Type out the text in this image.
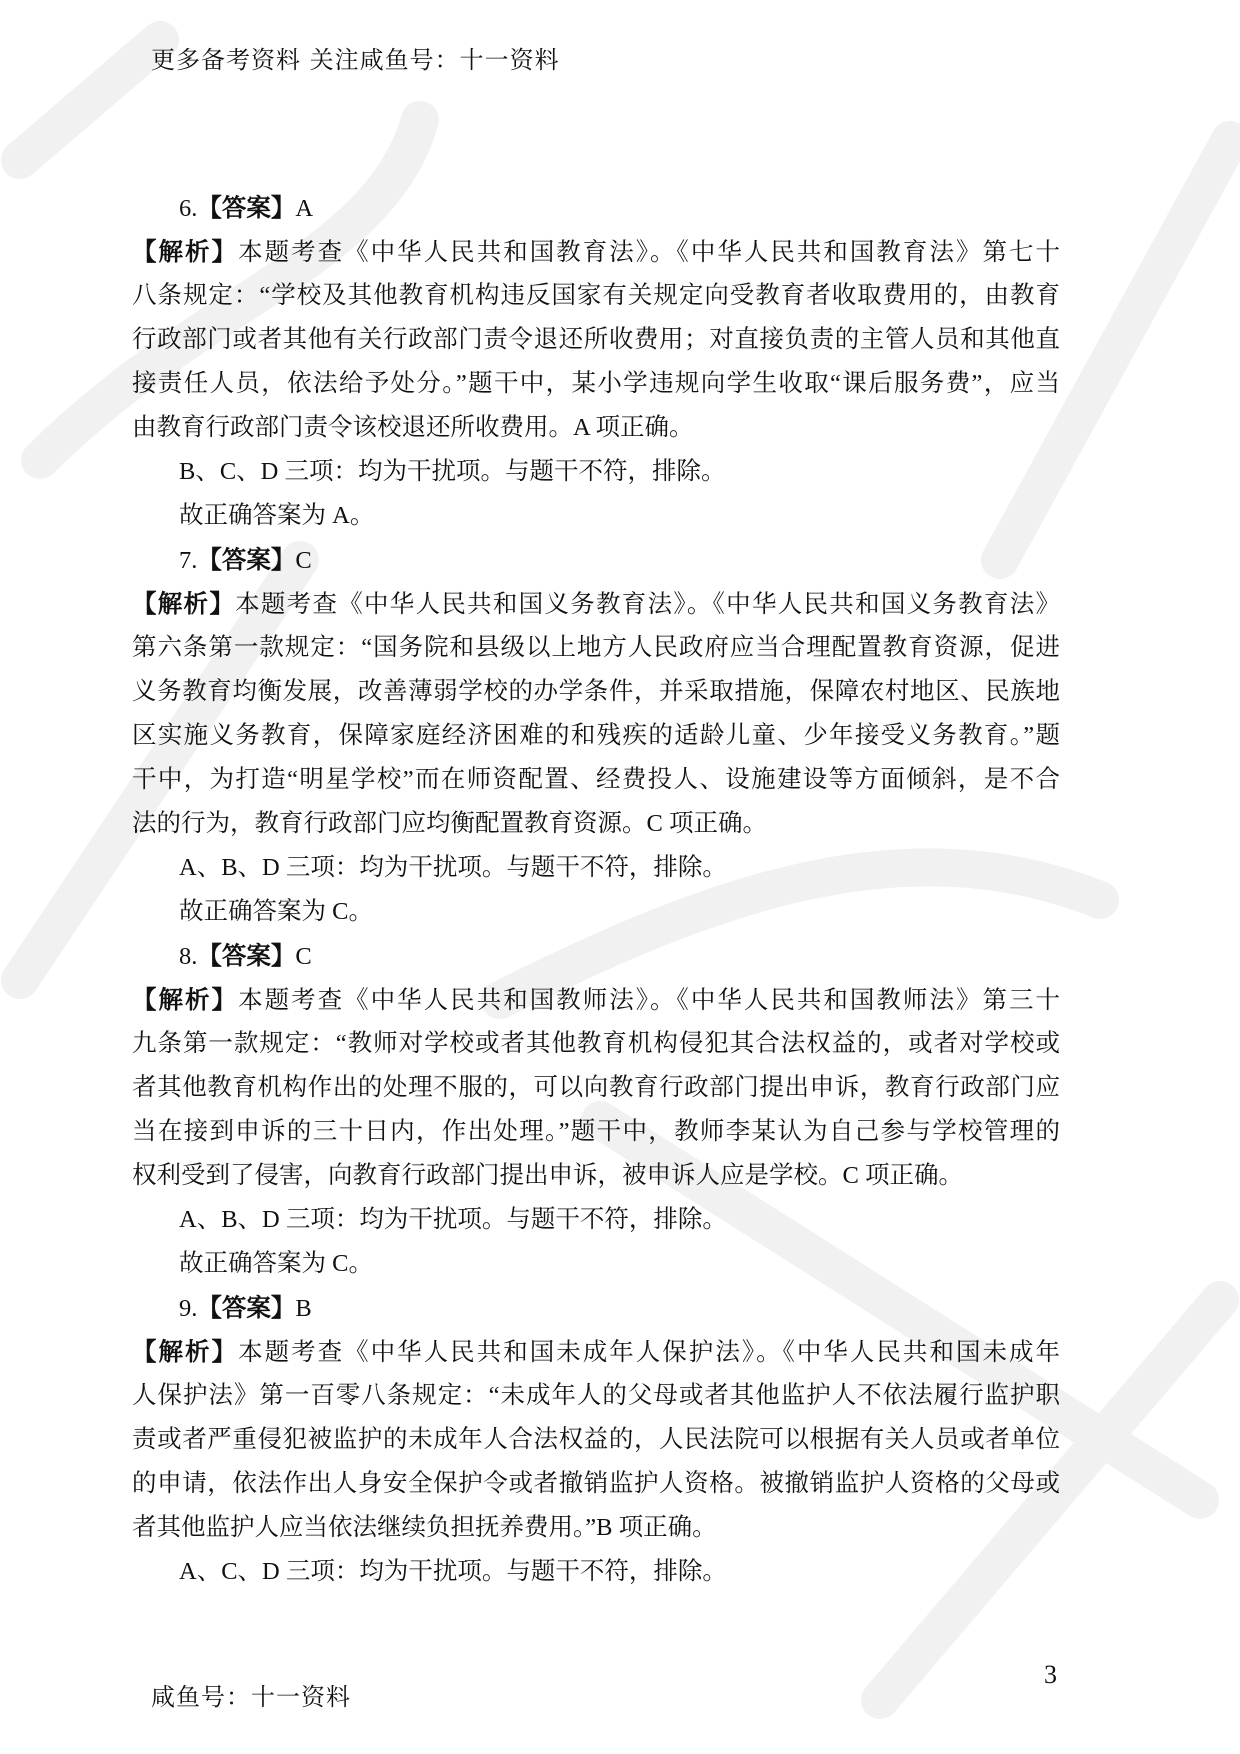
更多备考资料 关注咸鱼号：十一资料
6.【答案】A
【解析】本题考查《中华人民共和国教育法》。《中华人民共和国教育法》第七十
八条规定：“学校及其他教育机构违反国家有关规定向受教育者收取费用的，由教育
行政部门或者其他有关行政部门责令退还所收费用；对直接负责的主管人员和其他直
接责任人员，依法给予处分。”题干中，某小学违规向学生收取“课后服务费”，应当
由教育行政部门责令该校退还所收费用。A 项正确。
B、C、D 三项：均为干扰项。与题干不符，排除。
故正确答案为 A。
7.【答案】C
【解析】本题考查《中华人民共和国义务教育法》。《中华人民共和国义务教育法》
第六条第一款规定：“国务院和县级以上地方人民政府应当合理配置教育资源，促进
义务教育均衡发展，改善薄弱学校的办学条件，并采取措施，保障农村地区、民族地
区实施义务教育，保障家庭经济困难的和残疾的适龄儿童、少年接受义务教育。”题
干中，为打造“明星学校”而在师资配置、经费投人、设施建设等方面倾斜，是不合
法的行为，教育行政部门应均衡配置教育资源。C 项正确。
A、B、D 三项：均为干扰项。与题干不符，排除。
故正确答案为 C。
8.【答案】C
【解析】本题考查《中华人民共和国教师法》。《中华人民共和国教师法》第三十
九条第一款规定：“教师对学校或者其他教育机构侵犯其合法权益的，或者对学校或
者其他教育机构作出的处理不服的，可以向教育行政部门提出申诉，教育行政部门应
当在接到申诉的三十日内，作出处理。”题干中，教师李某认为自己参与学校管理的
权利受到了侵害，向教育行政部门提出申诉，被申诉人应是学校。C 项正确。
A、B、D 三项：均为干扰项。与题干不符，排除。
故正确答案为 C。
9.【答案】B
【解析】本题考查《中华人民共和国未成年人保护法》。《中华人民共和国未成年
人保护法》第一百零八条规定：“未成年人的父母或者其他监护人不依法履行监护职
责或者严重侵犯被监护的未成年人合法权益的，人民法院可以根据有关人员或者单位
的申请，依法作出人身安全保护令或者撤销监护人资格。被撤销监护人资格的父母或
者其他监护人应当依法继续负担抚养费用。”B 项正确。
A、C、D 三项：均为干扰项。与题干不符，排除。
咸鱼号：十一资料
3
